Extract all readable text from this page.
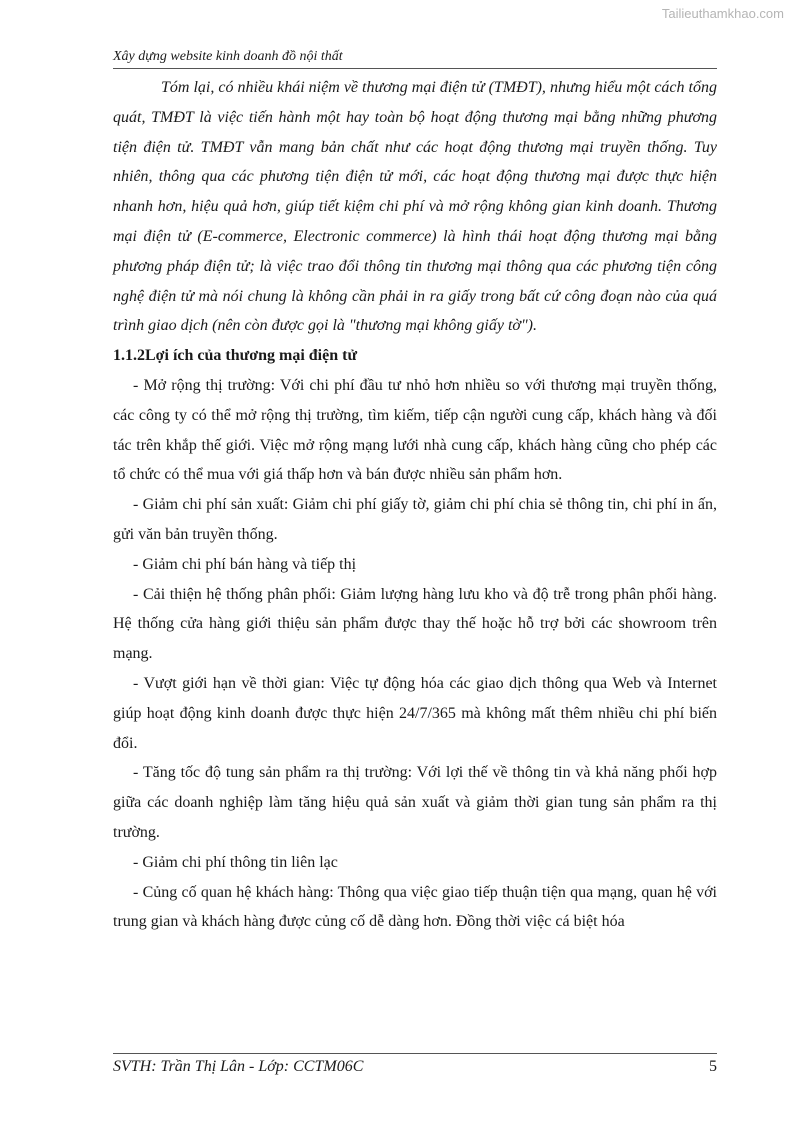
Tailieuthamkhao.com
Xây dựng website kinh doanh đồ nội thất

Tóm lại, có nhiều khái niệm về thương mại điện tử (TMĐT), nhưng hiểu một cách tổng quát, TMĐT là việc tiến hành một hay toàn bộ hoạt động thương mại bằng những phương tiện điện tử. TMĐT vẫn mang bản chất như các hoạt động thương mại truyền thống. Tuy nhiên, thông qua các phương tiện điện tử mới, các hoạt động thương mại được thực hiện nhanh hơn, hiệu quả hơn, giúp tiết kiệm chi phí và mở rộng không gian kinh doanh. Thương mại điện tử (E-commerce, Electronic commerce) là hình thái hoạt động thương mại bằng phương pháp điện tử; là việc trao đổi thông tin thương mại thông qua các phương tiện công nghệ điện tử mà nói chung là không cần phải in ra giấy trong bất cứ công đoạn nào của quá trình giao dịch (nên còn được gọi là "thương mại không giấy tờ").

1.1.2Lợi ích của thương mại điện tử

- Mở rộng thị trường: Với chi phí đầu tư nhỏ hơn nhiều so với thương mại truyền thống, các công ty có thể mở rộng thị trường, tìm kiếm, tiếp cận người cung cấp, khách hàng và đối tác trên khắp thế giới. Việc mở rộng mạng lưới nhà cung cấp, khách hàng cũng cho phép các tổ chức có thể mua với giá thấp hơn và bán được nhiều sản phẩm hơn.

- Giảm chi phí sản xuất: Giảm chi phí giấy tờ, giảm chi phí chia sẻ thông tin, chi phí in ấn, gửi văn bản truyền thống.

- Giảm chi phí bán hàng và tiếp thị

- Cải thiện hệ thống phân phối: Giảm lượng hàng lưu kho và độ trễ trong phân phối hàng. Hệ thống cửa hàng giới thiệu sản phẩm được thay thế hoặc hỗ trợ bởi các showroom trên mạng.

- Vượt giới hạn về thời gian: Việc tự động hóa các giao dịch thông qua Web và Internet giúp hoạt động kinh doanh được thực hiện 24/7/365 mà không mất thêm nhiều chi phí biến đổi.

- Tăng tốc độ tung sản phẩm ra thị trường: Với lợi thế về thông tin và khả năng phối hợp giữa các doanh nghiệp làm tăng hiệu quả sản xuất và giảm thời gian tung sản phẩm ra thị trường.

- Giảm chi phí thông tin liên lạc

- Củng cố quan hệ khách hàng: Thông qua việc giao tiếp thuận tiện qua mạng, quan hệ với trung gian và khách hàng được củng cố dễ dàng hơn. Đồng thời việc cá biệt hóa

SVTH: Trần Thị Lân - Lớp: CCTM06C	5
